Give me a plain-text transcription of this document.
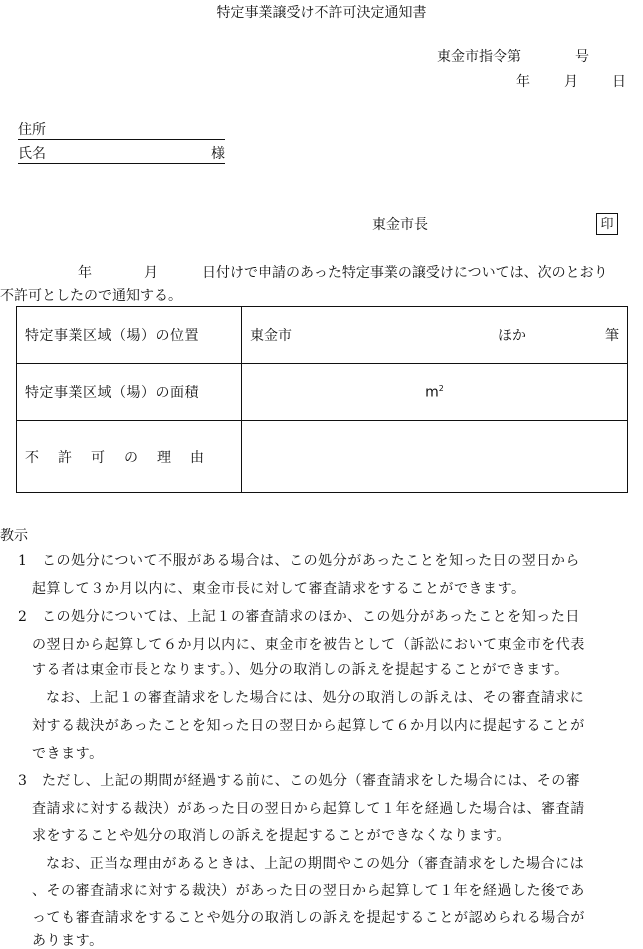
特定事業譲受け不許可決定通知書
東金市指令第	号
年 月 日
住所
氏名	様
東金市長	印
年	月	日付けで申請のあった特定事業の譲受けについては、次のとおり
不許可としたので通知する。
特定事業区域（場）の位置	東金市 ほか 筆

特定事業区域（場）の面積	$m^2$
不許可の理由	
教示
1　この処分について不服がある場合は、この処分があったことを知った日の翌日から
起算して３か月以内に、東金市長に対して審査請求をすることができます。
2　この処分については、上記１の審査請求のほか、この処分があったことを知った日
の翌日から起算して６か月以内に、東金市を被告として（訴訟において東金市を代表
する者は東金市長となります。）、処分の取消しの訴えを提起することができます。
なお、上記１の審査請求をした場合には、処分の取消しの訴えは、その審査請求に
対する裁決があったことを知った日の翌日から起算して６か月以内に提起することが
できます。
3　ただし、上記の期間が経過する前に、この処分（審査請求をした場合には、その審
査請求に対する裁決）があった日の翌日から起算して１年を経過した場合は、審査請
求をすることや処分の取消しの訴えを提起することができなくなります。
なお、正当な理由があるときは、上記の期間やこの処分（審査請求をした場合には
、その審査請求に対する裁決）があった日の翌日から起算して１年を経過した後であ
っても審査請求をすることや処分の取消しの訴えを提起することが認められる場合が
あります。
